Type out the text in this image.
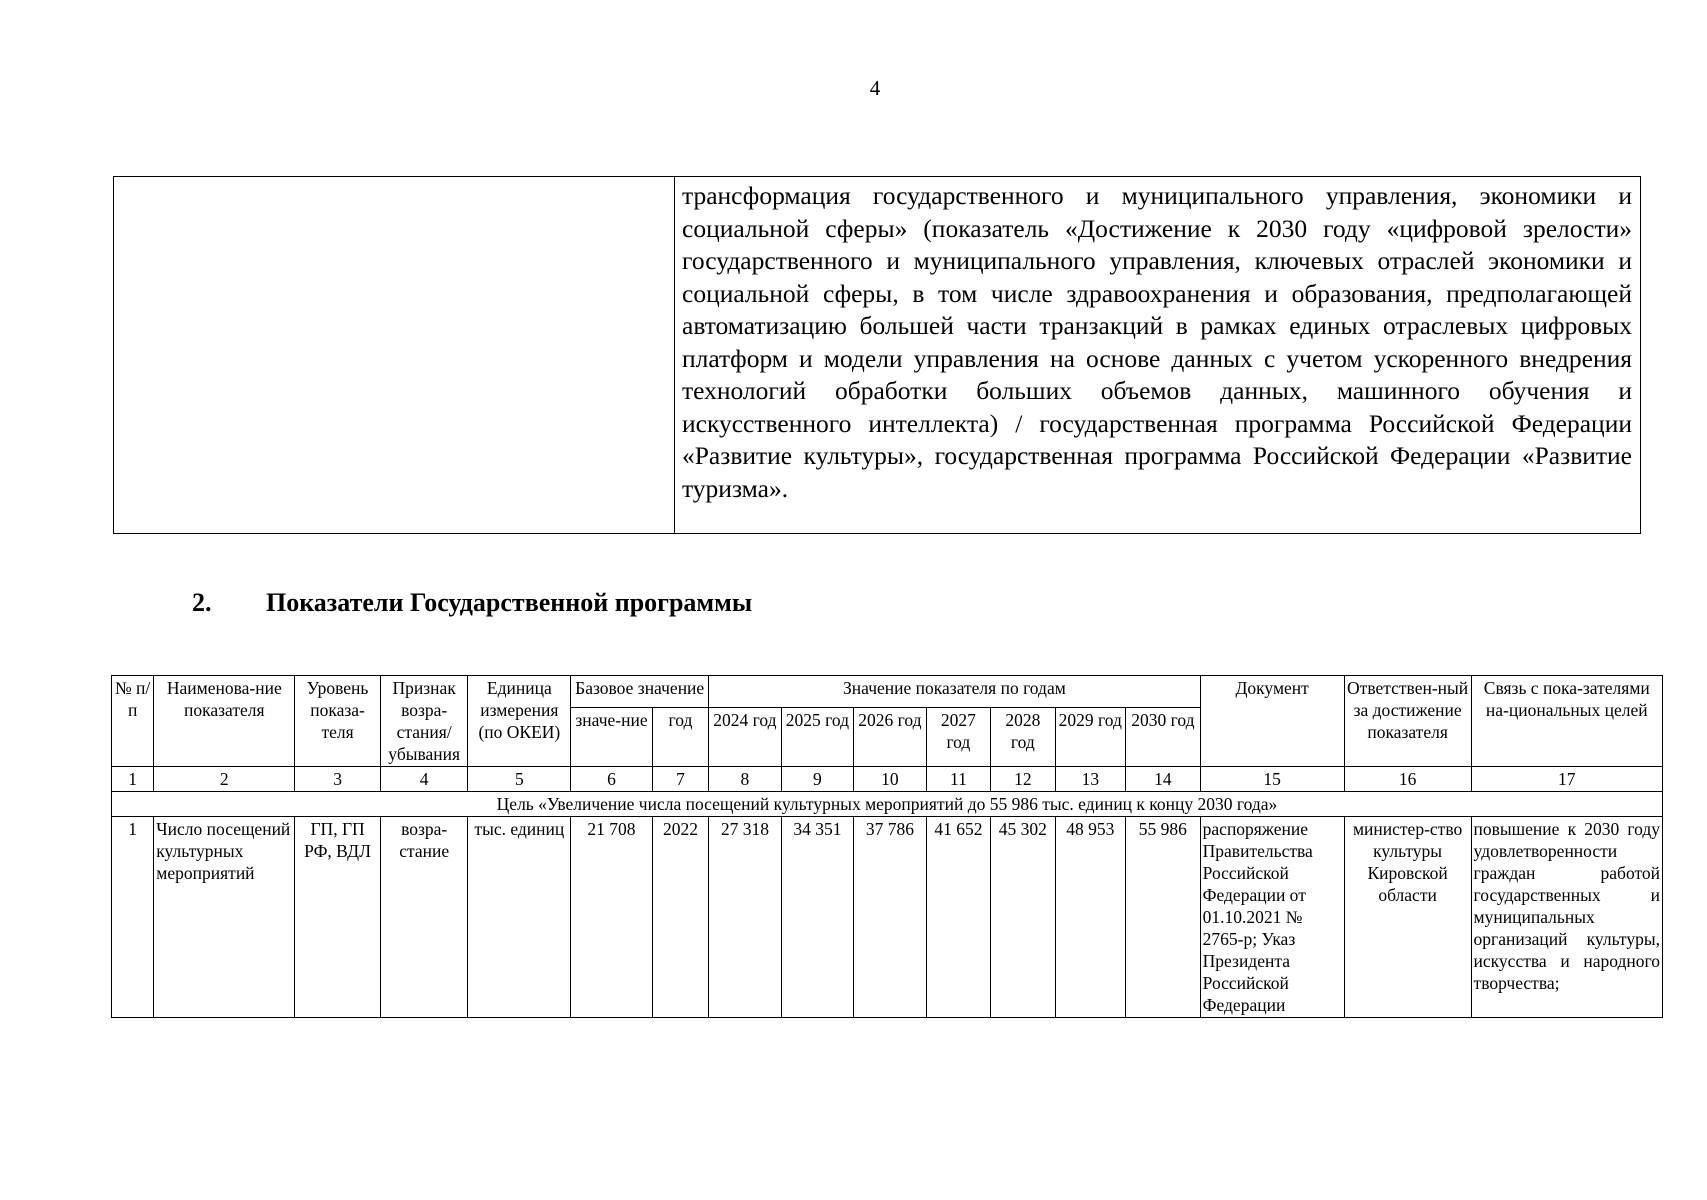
4
трансформация государственного и муниципального управления, экономики и социальной сферы» (показатель «Достижение к 2030 году «цифровой зрелости» государственного и муниципального управления, ключевых отраслей экономики и социальной сферы, в том числе здравоохранения и образования, предполагающей автоматизацию большей части транзакций в рамках единых отраслевых цифровых платформ и модели управления на основе данных с учетом ускоренного внедрения технологий обработки больших объемов данных, машинного обучения и искусственного интеллекта) / государственная программа Российской Федерации «Развитие культуры», государственная программа Российской Федерации «Развитие туризма».
2. Показатели Государственной программы
№ п/п	Наименова-ние показателя	Уровень показа-теля	Признак возра-стания/ убывания	Единица измерения (по ОКЕИ)	Базовое значение		Значение показателя по годам							Документ	Ответствен-ный за достижение показателя	Связь с пока-зателями на-циональных целей
					значе-ние	год	2024 год	2025 год	2026 год	2027 год	2028 год	2029 год	2030 год			
1	2	3	4	5	6	7	8	9	10	11	12	13	14	15	16	17
Цель «Увеличение числа посещений культурных мероприятий до 55 986 тыс. единиц к концу 2030 года»																
1	Число посещений культурных мероприятий	ГП, ГП РФ, ВДЛ	возра-стание	тыс. единиц	21 708	2022	27 318	34 351	37 786	41 652	45 302	48 953	55 986	распоряжение Правительства Российской Федерации от 01.10.2021 № 2765-р; Указ Президента Российской Федерации	министер-ство культуры Кировской области	повышение к 2030 году удовлетворенности граждан работой государственных и муниципальных организаций культуры, искусства и народного творчества;
